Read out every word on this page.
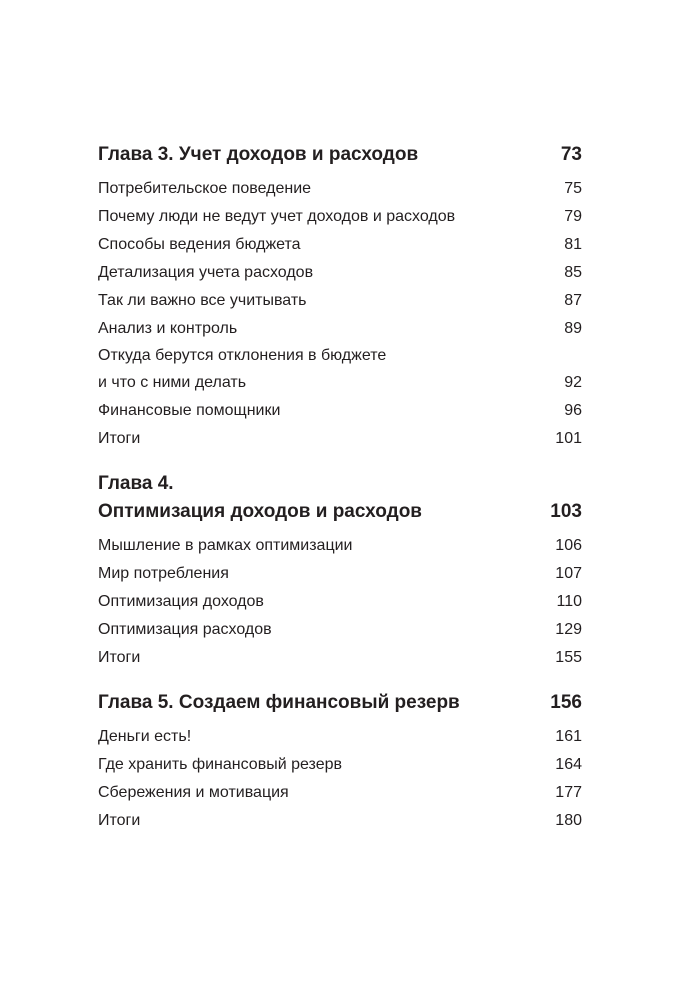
Глава 3. Учет доходов и расходов	73
Потребительское поведение	75
Почему люди не ведут учет доходов и расходов	79
Способы ведения бюджета	81
Детализация учета расходов	85
Так ли важно все учитывать	87
Анализ и контроль	89
Откуда берутся отклонения в бюджете
и что с ними делать	92
Финансовые помощники	96
Итоги	101
Глава 4.
Оптимизация доходов и расходов	103
Мышление в рамках оптимизации	106
Мир потребления	107
Оптимизация доходов	110
Оптимизация расходов	129
Итоги	155
Глава 5. Создаем финансовый резерв	156
Деньги есть!	161
Где хранить финансовый резерв	164
Сбережения и мотивация	177
Итоги	180
